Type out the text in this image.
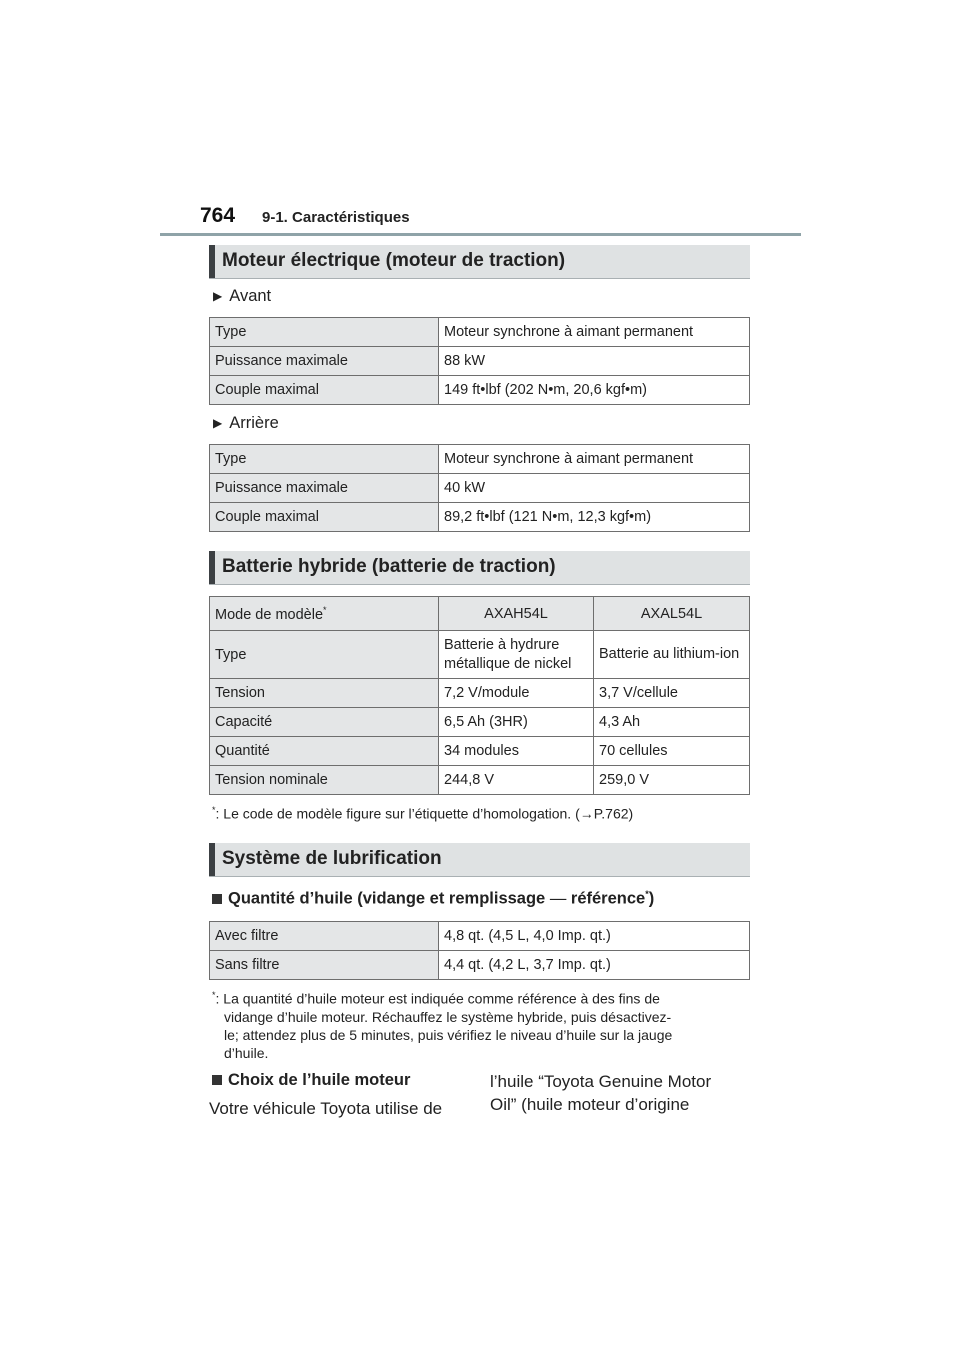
764 9-1. Caractéristiques
Moteur électrique (moteur de traction)
▶ Avant
Type	Moteur synchrone à aimant permanent
Puissance maximale	88 kW
Couple maximal	149 ft•lbf (202 N•m, 20,6 kgf•m)
▶ Arrière
Type	Moteur synchrone à aimant permanent
Puissance maximale	40 kW
Couple maximal	89,2 ft•lbf (121 N•m, 12,3 kgf•m)
Batterie hybride (batterie de traction)
Mode de modèle*	AXAH54L	AXAL54L
Type	Batterie à hydrure métallique de nickel	Batterie au lithium-ion
Tension	7,2 V/module	3,7 V/cellule
Capacité	6,5 Ah (3HR)	4,3 Ah
Quantité	34 modules	70 cellules
Tension nominale	244,8 V	259,0 V
*: Le code de modèle figure sur l’étiquette d’homologation. (→P.762)
Système de lubrification
Quantité d’huile (vidange et remplissage — référence*)
Avec filtre	4,8 qt. (4,5 L, 4,0 Imp. qt.)
Sans filtre	4,4 qt. (4,2 L, 3,7 Imp. qt.)
*: La quantité d’huile moteur est indiquée comme référence à des fins de
vidange d’huile moteur. Réchauffez le système hybride, puis désactivez-
le; attendez plus de 5 minutes, puis vérifiez le niveau d’huile sur la jauge
d’huile.
Choix de l’huile moteur
Votre véhicule Toyota utilise de
l’huile “Toyota Genuine Motor
Oil” (huile moteur d’origine
